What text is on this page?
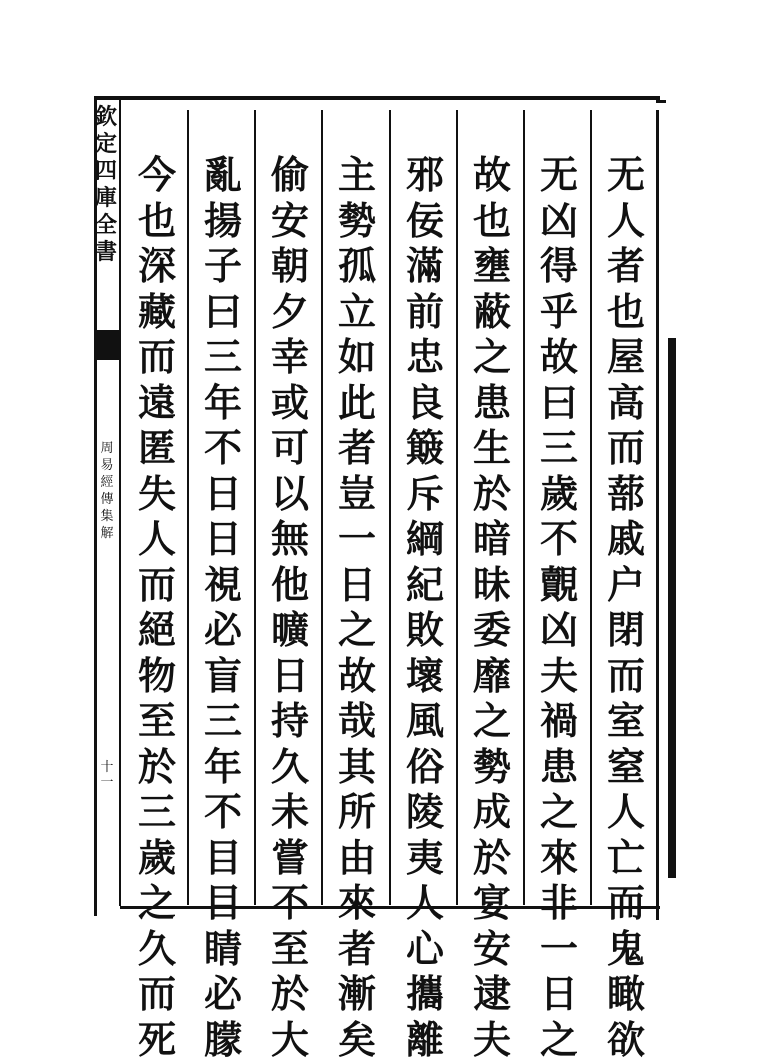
欽定四庫全書
周易經傳集解
十一
无人者也屋高而蔀戚户閉而室窒人亡而鬼瞰欲
无凶得乎故曰三歲不覿凶夫禍患之來非一日之
故也壅蔽之患生於暗昧委靡之勢成於宴安逮夫
邪佞滿前忠良簸斥綱紀敗壞風俗陵夷人心攜離
主勢孤立如此者豈一日之故哉其所由來者漸矣
偷安朝夕幸或可以無他曠日持久未嘗不至於大
亂揚子曰三年不日日視必盲三年不目目睛必朦
今也深藏而遠匿失人而絕物至於三歲之久而死
